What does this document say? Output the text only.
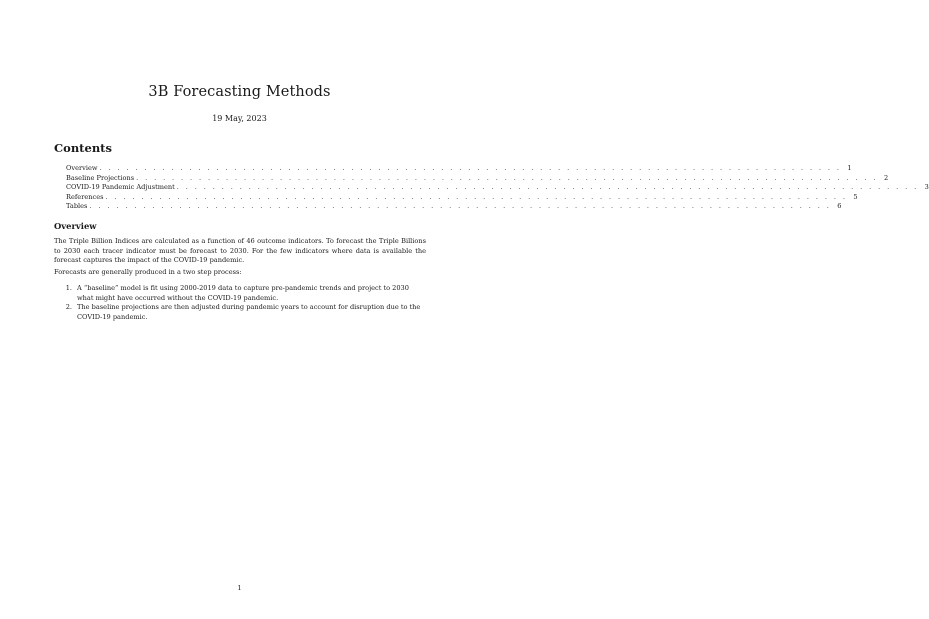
3B Forecasting Methods

19 May, 2023

Contents
Overview . . . . . . . . . . . . . . . . . . . . . . . . . . . . . . . . . . . . . . . . . . . . . . . . . . . . . . . . . . . . . . . . . . . . . . . . . . . . . . . . . . . 1
Baseline Projections . . . . . . . . . . . . . . . . . . . . . . . . . . . . . . . . . . . . . . . . . . . . . . . . . . . . . . . . . . . . . . . . . . . . . . . . . . . . . . . . . . . 2
COVID-19 Pandemic Adjustment . . . . . . . . . . . . . . . . . . . . . . . . . . . . . . . . . . . . . . . . . . . . . . . . . . . . . . . . . . . . . . . . . . . . . . . . . . . . . . . . . . . 3
References . . . . . . . . . . . . . . . . . . . . . . . . . . . . . . . . . . . . . . . . . . . . . . . . . . . . . . . . . . . . . . . . . . . . . . . . . . . . . . . . . . . 5
Tables . . . . . . . . . . . . . . . . . . . . . . . . . . . . . . . . . . . . . . . . . . . . . . . . . . . . . . . . . . . . . . . . . . . . . . . . . . . . . . . . . . . 6
Overview

The Triple Billion Indices are calculated as a function of 46 outcome indicators. To forecast the Triple Billions to 2030 each tracer indicator must be forecast to 2030. For the few indicators where data is available the forecast captures the impact of the COVID-19 pandemic.

Forecasts are generally produced in a two step process:

1. A “baseline” model is fit using 2000-2019 data to capture pre-pandemic trends and project to 2030 what might have occurred without the COVID-19 pandemic.
2. The baseline projections are then adjusted during pandemic years to account for disruption due to the COVID-19 pandemic.

1
